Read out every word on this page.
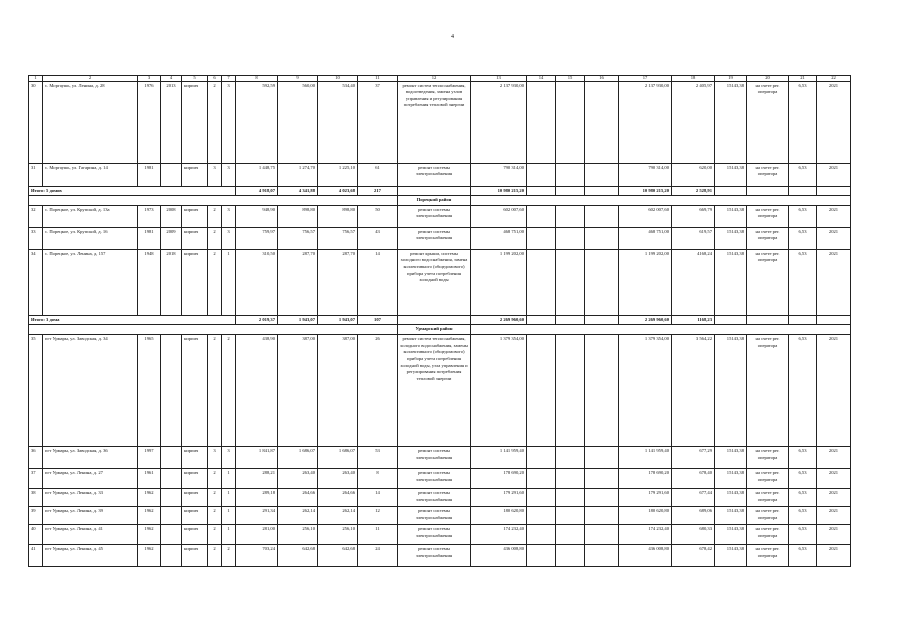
4
1	2	3	4	5	6	7	8	9	10	11	12	13	14	15	16	17	18	19	20	21	22
30	с. Моргаушь, ул. Ленина, д. 28	1976	2013	кирпич	2	3	592,59	560,00	534,40	37	ремонт систем теплоснабжения, водоотведения, замена узлов управления и регулирования потребления тепловой энергии	2 137 930,00				2 137 930,00	2 405,97	15143,38	на счете рег. оператора	6,53	2021
31	с. Моргаушь, ул. Гагарина, д. 14	1981		кирпич	3	3	1 448,75	1 274,70	1 225,10	61	ремонт системы электроснабжения	790 314,00				790 314,00	620,00	15143,38	на счете рег. оператора	6,53	2021
Итого: 5 домов							4 918,07	4 341,88	4 023,68	217		10 980 215,20				10 980 215,20	2 528,91				
											Порецкий район										
32	с. Порецкое, ул. Крупской, д. 13а	1973	2008	кирпич	2	3	948,90	898,80	898,80	50	ремонт системы электроснабжения	602 007,60				602 007,60	669,79	15143,38	на счете рег. оператора	6,53	2021
33	с. Порецкое, ул. Крупской, д. 16	1981	2009	кирпич	2	3	759,97	756,57	756,57	43	ремонт системы электроснабжения	468 751,00				468 751,00	619,57	15143,38	на счете рег. оператора	6,53	2021
34	с. Порецкое, ул. Ленина, д. 157	1948	2018	кирпич	2	1	310,50	287,70	287,70	14	ремонт крыши, системы холодного водоснабжения, замена коллективного (общедомового) прибора учета потребления холодной воды	1 199 202,00				1 199 202,00	4168,24	15143,38	на счете рег. оператора	6,53	2021
Итого: 3 дома							2 019,37	1 943,07	1 943,07	107		2 269 960,60				2 269 960,60	1168,23				
											Урмарский район										
35	пгт Урмары, ул. Заводская, д. 34	1965		кирпич	2	2	438,90	387,00	387,00	26	ремонт систем теплоснабжения, холодного водоснабжения, замены коллективного (общедомового) прибора учета потребления холодной воды, узла управления и регулирования потребления тепловой энергии	1 379 354,00				1 379 354,00	3 564,22	15143,38	на счете рег. оператора	6,53	2021
36	пгт Урмары, ул. Заводская, д. 36	1997		кирпич	3	3	1 841,87	1 686,07	1 686,07	53	ремонт системы электроснабжения	1 141 959,40				1 141 959,40	677,29	15143,38	на счете рег. оператора	6,53	2021
37	пгт Урмары, ул. Ленина, д. 27	1961		кирпич	2	1	288,21	263,40	263,40	8	ремонт системы электроснабжения	178 690,20				178 690,20	678,40	15143,38	на счете рег. оператора	6,53	2021
38	пгт Урмары, ул. Ленина, д. 33	1962		кирпич	2	1	289,18	264,66	264,66	14	ремонт системы электроснабжения	179 291,60				179 291,60	677,44	15143,38	на счете рег. оператора	6,53	2021
39	пгт Урмары, ул. Ленина, д. 39	1962		кирпич	2	1	291,34	262,14	262,14	12	ремонт системы электроснабжения	180 620,80				180 620,80	689,06	15143,38	на счете рег. оператора	6,53	2021
40	пгт Урмары, ул. Ленина, д. 41	1962		кирпич	2	1	281,00	256,10	256,10	11	ремонт системы электроснабжения	174 232,40				174 232,40	680,33	15143,38	на счете рег. оператора	6,53	2021
41	пгт Урмары, ул. Ленина, д. 45	1962		кирпич	2	2	703,24	642,68	642,68	24	ремонт системы электроснабжения	436 008,80				436 008,80	678,42	15143,38	на счете рег. оператора	6,53	2021
